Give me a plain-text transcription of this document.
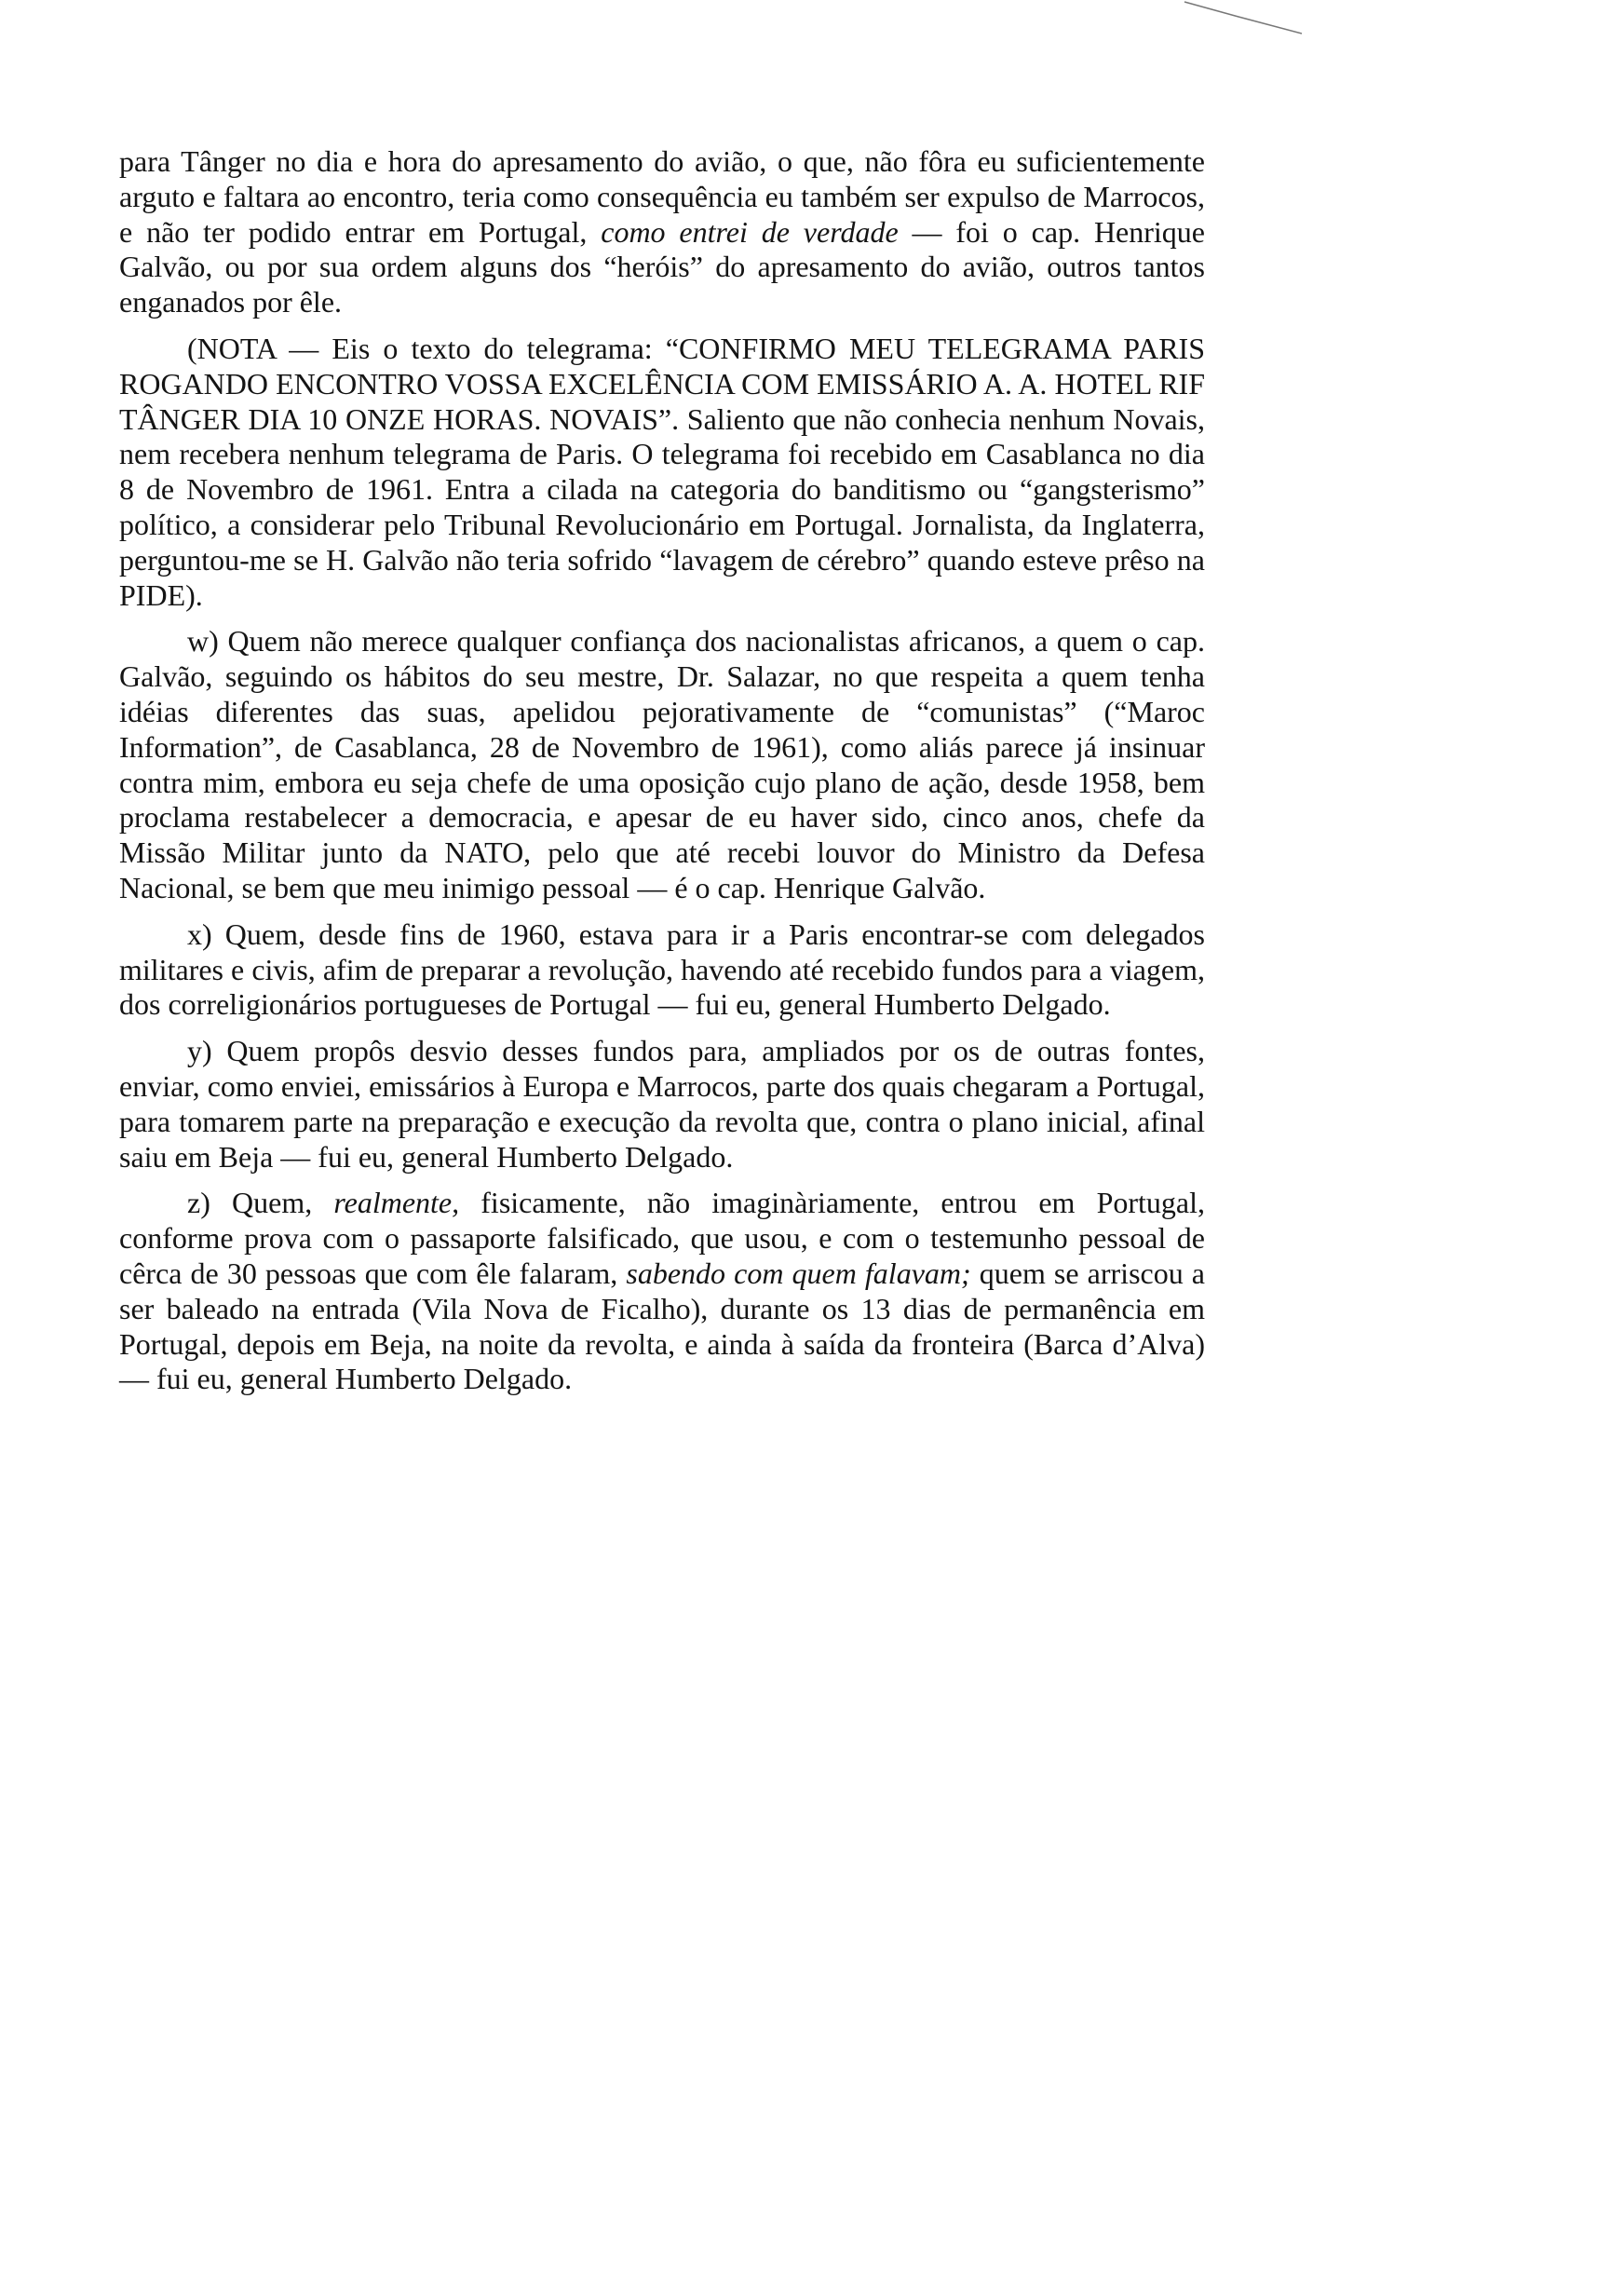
para Tânger no dia e hora do apresamento do avião, o que, não fôra eu suficientemente arguto e faltara ao encontro, teria como consequência eu também ser expulso de Marrocos, e não ter podido entrar em Portugal, como entrei de verdade — foi o cap. Henrique Galvão, ou por sua ordem alguns dos “heróis” do apresamento do avião, outros tantos enganados por êle.

(NOTA — Eis o texto do telegrama: “CONFIRMO MEU TELEGRAMA PARIS ROGANDO ENCONTRO VOSSA EXCELÊNCIA COM EMISSÁRIO A. A. HOTEL RIF TÂNGER DIA 10 ONZE HORAS. NOVAIS”. Saliento que não conhecia nenhum Novais, nem recebera nenhum telegrama de Paris. O telegrama foi recebido em Casablanca no dia 8 de Novembro de 1961. Entra a cilada na categoria do banditismo ou “gangsterismo” político, a considerar pelo Tribunal Revolucionário em Portugal. Jornalista, da Inglaterra, perguntou-me se H. Galvão não teria sofrido “lavagem de cérebro” quando esteve prêso na PIDE).

w) Quem não merece qualquer confiança dos nacionalistas africanos, a quem o cap. Galvão, seguindo os hábitos do seu mestre, Dr. Salazar, no que respeita a quem tenha idéias diferentes das suas, apelidou pejorativamente de “comunistas” (“Maroc Information”, de Casablanca, 28 de Novembro de 1961), como aliás parece já insinuar contra mim, embora eu seja chefe de uma oposição cujo plano de ação, desde 1958, bem proclama restabelecer a democracia, e apesar de eu haver sido, cinco anos, chefe da Missão Militar junto da NATO, pelo que até recebi louvor do Ministro da Defesa Nacional, se bem que meu inimigo pessoal — é o cap. Henrique Galvão.

x) Quem, desde fins de 1960, estava para ir a Paris encontrar-se com delegados militares e civis, afim de preparar a revolução, havendo até recebido fundos para a viagem, dos correligionários portugueses de Portugal — fui eu, general Humberto Delgado.

y) Quem propôs desvio desses fundos para, ampliados por os de outras fontes, enviar, como enviei, emissários à Europa e Marrocos, parte dos quais chegaram a Portugal, para tomarem parte na preparação e execução da revolta que, contra o plano inicial, afinal saiu em Beja — fui eu, general Humberto Delgado.

z) Quem, realmente, fisicamente, não imaginàriamente, entrou em Portugal, conforme prova com o passaporte falsificado, que usou, e com o testemunho pessoal de cêrca de 30 pessoas que com êle falaram, sabendo com quem falavam; quem se arriscou a ser baleado na entrada (Vila Nova de Ficalho), durante os 13 dias de permanência em Portugal, depois em Beja, na noite da revolta, e ainda à saída da fronteira (Barca d’Alva) — fui eu, general Humberto Delgado.
